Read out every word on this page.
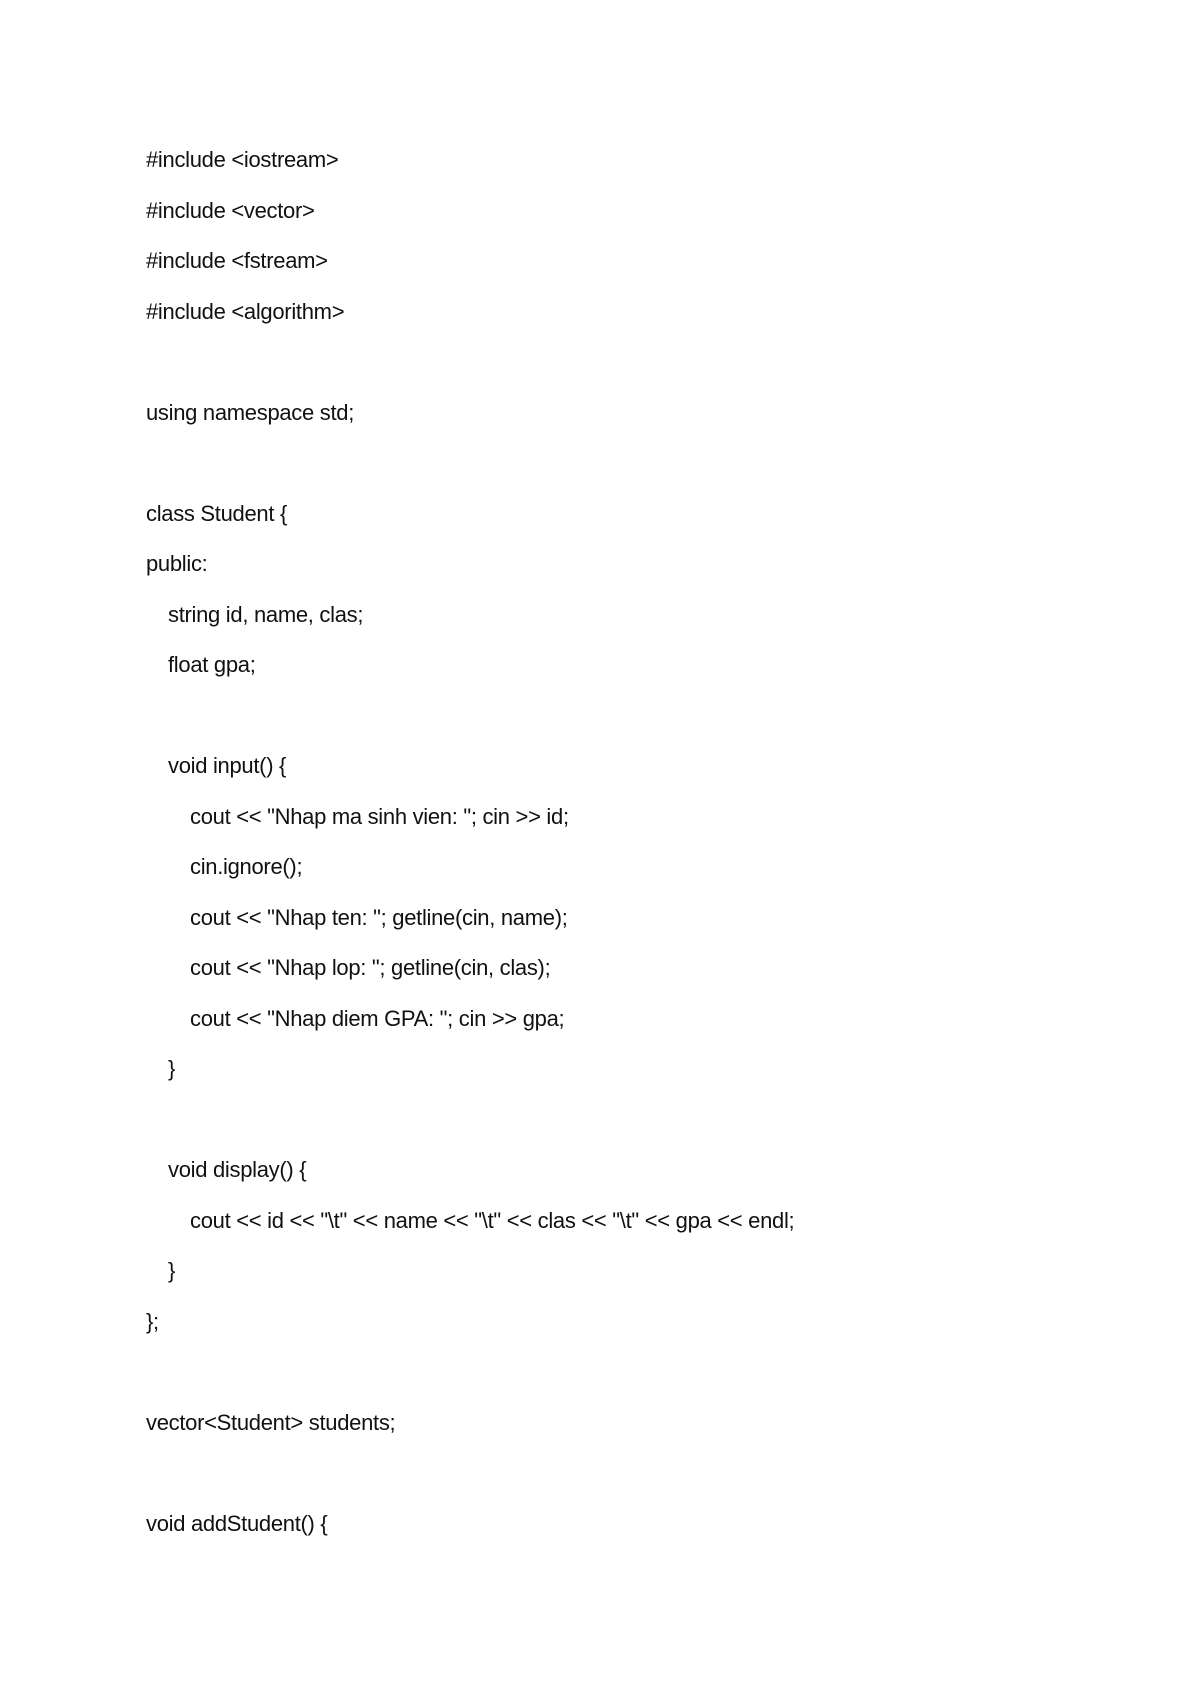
#include <iostream>
#include <vector>
#include <fstream>
#include <algorithm>
using namespace std;
class Student {
public:
string id, name, clas;
float gpa;
void input() {
cout << "Nhap ma sinh vien: "; cin >> id;
cin.ignore();
cout << "Nhap ten: "; getline(cin, name);
cout << "Nhap lop: "; getline(cin, clas);
cout << "Nhap diem GPA: "; cin >> gpa;
}
void display() {
cout << id << "\t" << name << "\t" << clas << "\t" << gpa << endl;
}
};
vector<Student> students;
void addStudent() {
